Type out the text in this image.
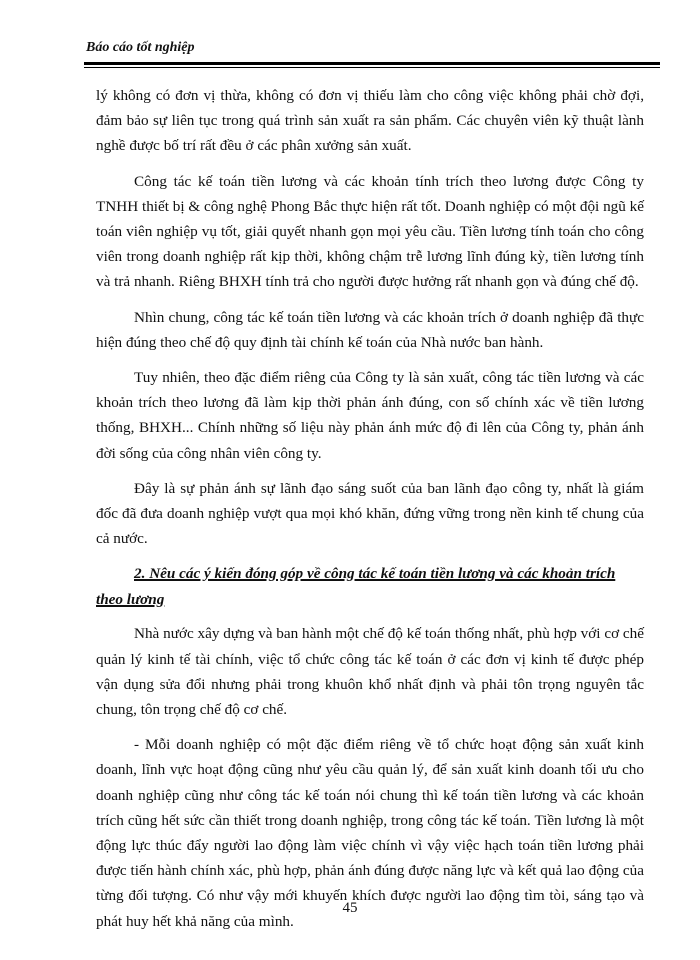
Báo cáo tốt nghiệp

lý không có đơn vị thừa, không có đơn vị thiếu làm cho công việc không phải chờ đợi, đảm bảo sự liên tục trong quá trình sản xuất ra sản phẩm. Các chuyên viên kỹ thuật lành nghề được bố trí rất đều ở các phân xưởng sản xuất.

Công tác kế toán tiền lương và các khoản tính trích theo lương được Công ty TNHH thiết bị & công nghệ Phong Bắc thực hiện rất tốt. Doanh nghiệp có một đội ngũ kế toán viên nghiệp vụ tốt, giải quyết nhanh gọn mọi yêu cầu. Tiền lương tính toán cho công viên trong doanh nghiệp rất kịp thời, không chậm trễ lương lĩnh đúng kỳ, tiền lương tính và trả nhanh. Riêng BHXH tính trả cho người được hưởng rất nhanh gọn và đúng chế độ.

Nhìn chung, công tác kế toán tiền lương và các khoản trích ở doanh nghiệp đã thực hiện đúng theo chế độ quy định tài chính kế toán của Nhà nước ban hành.

Tuy nhiên, theo đặc điểm riêng của Công ty là sản xuất, công tác tiền lương và các khoản trích theo lương đã làm kịp thời phản ánh đúng, con số chính xác về tiền lương thống, BHXH... Chính những số liệu này phản ánh mức độ đi lên của Công ty, phản ánh đời sống của công nhân viên công ty.

Đây là sự phản ánh sự lãnh đạo sáng suốt của ban lãnh đạo công ty, nhất là giám đốc đã đưa doanh nghiệp vượt qua mọi khó khăn, đứng vững trong nền kinh tế chung của cả nước.

2. Nêu các ý kiến đóng góp về công tác kế toán tiền lương và các khoản trích theo lương

Nhà nước xây dựng và ban hành một chế độ kế toán thống nhất, phù hợp với cơ chế quản lý kinh tế tài chính, việc tổ chức công tác kế toán ở các đơn vị kinh tế được phép vận dụng sửa đổi nhưng phải trong khuôn khổ nhất định và phải tôn trọng nguyên tắc chung, tôn trọng chế độ cơ chế.

- Mỗi doanh nghiệp có một đặc điểm riêng về tổ chức hoạt động sản xuất kinh doanh, lĩnh vực hoạt động cũng như yêu cầu quản lý, để sản xuất kinh doanh tối ưu cho doanh nghiệp cũng như công tác kế toán nói chung thì kế toán tiền lương và các khoản trích cũng hết sức cần thiết trong doanh nghiệp, trong công tác kế toán. Tiền lương là một động lực thúc đẩy người lao động làm việc chính vì vậy việc hạch toán tiền lương phải được tiến hành chính xác, phù hợp, phản ánh đúng được năng lực và kết quả lao động của từng đối tượng. Có như vậy mới khuyến khích được người lao động tìm tòi, sáng tạo và phát huy hết khả năng của mình.

45
